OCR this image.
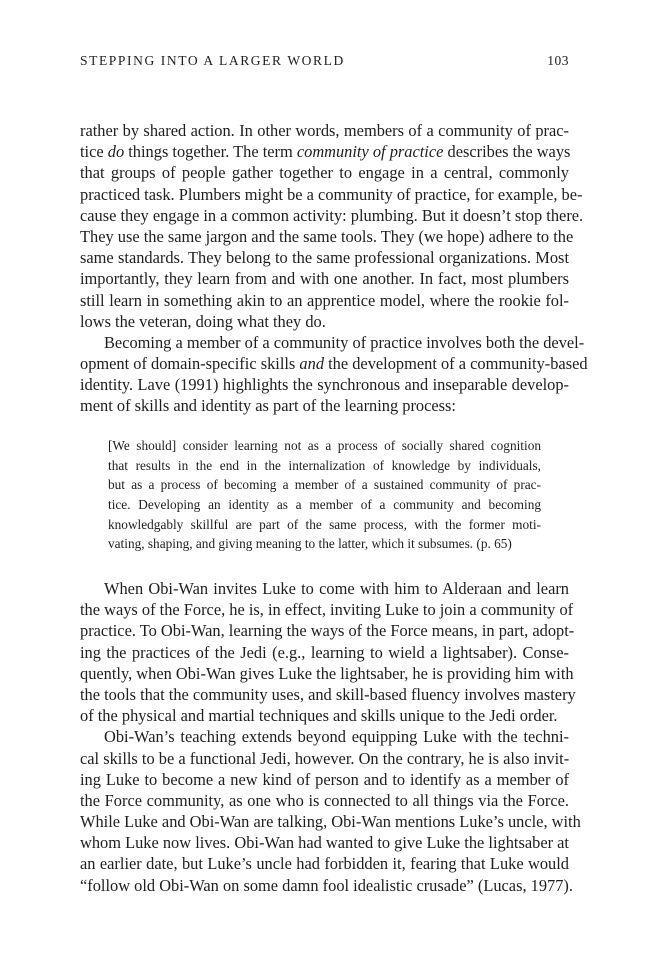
STEPPING INTO A LARGER WORLD	103
rather by shared action. In other words, members of a community of prac-
tice do things together. The term community of practice describes the ways
that groups of people gather together to engage in a central, commonly
practiced task. Plumbers might be a community of practice, for example, be-
cause they engage in a common activity: plumbing. But it doesn’t stop there.
They use the same jargon and the same tools. They (we hope) adhere to the
same standards. They belong to the same professional organizations. Most
importantly, they learn from and with one another. In fact, most plumbers
still learn in something akin to an apprentice model, where the rookie fol-
lows the veteran, doing what they do.
Becoming a member of a community of practice involves both the devel-
opment of domain-specific skills and the development of a community-based
identity. Lave (1991) highlights the synchronous and inseparable develop-
ment of skills and identity as part of the learning process:
[We should] consider learning not as a process of socially shared cognition
that results in the end in the internalization of knowledge by individuals,
but as a process of becoming a member of a sustained community of prac-
tice. Developing an identity as a member of a community and becoming
knowledgably skillful are part of the same process, with the former moti-
vating, shaping, and giving meaning to the latter, which it subsumes. (p. 65)
When Obi-Wan invites Luke to come with him to Alderaan and learn
the ways of the Force, he is, in effect, inviting Luke to join a community of
practice. To Obi-Wan, learning the ways of the Force means, in part, adopt-
ing the practices of the Jedi (e.g., learning to wield a lightsaber). Conse-
quently, when Obi-Wan gives Luke the lightsaber, he is providing him with
the tools that the community uses, and skill-based fluency involves mastery
of the physical and martial techniques and skills unique to the Jedi order.
Obi-Wan’s teaching extends beyond equipping Luke with the techni-
cal skills to be a functional Jedi, however. On the contrary, he is also invit-
ing Luke to become a new kind of person and to identify as a member of
the Force community, as one who is connected to all things via the Force.
While Luke and Obi-Wan are talking, Obi-Wan mentions Luke’s uncle, with
whom Luke now lives. Obi-Wan had wanted to give Luke the lightsaber at
an earlier date, but Luke’s uncle had forbidden it, fearing that Luke would
“follow old Obi-Wan on some damn fool idealistic crusade” (Lucas, 1977).
